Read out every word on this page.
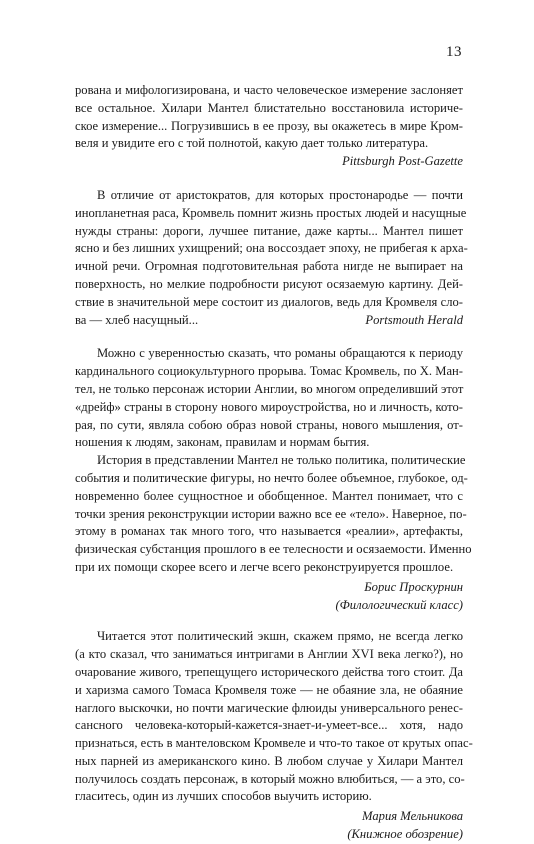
13
рована и мифологизирована, и часто человеческое измерение заслоняет
все остальное. Хилари Мантел блистательно восстановила историче-
ское измерение... Погрузившись в ее прозу, вы окажетесь в мире Кром-
веля и увидите его с той полнотой, какую дает только литература.
Pittsburgh Post-Gazette
В отличие от аристократов, для которых простонародье — почти
инопланетная раса, Кромвель помнит жизнь простых людей и насущные
нужды страны: дороги, лучшее питание, даже карты... Мантел пишет
ясно и без лишних ухищрений; она воссоздает эпоху, не прибегая к арха-
ичной речи. Огромная подготовительная работа нигде не выпирает на
поверхность, но мелкие подробности рисуют осязаемую картину. Дей-
ствие в значительной мере состоит из диалогов, ведь для Кромвеля сло-
ва — хлеб насущный...	Portsmouth Herald
Можно с уверенностью сказать, что романы обращаются к периоду
кардинального социокультурного прорыва. Томас Кромвель, по Х. Ман-
тел, не только персонаж истории Англии, во многом определивший этот
«дрейф» страны в сторону нового мироустройства, но и личность, кото-
рая, по сути, являла собою образ новой страны, нового мышления, от-
ношения к людям, законам, правилам и нормам бытия.
История в представлении Мантел не только политика, политические
события и политические фигуры, но нечто более объемное, глубокое, од-
новременно более сущностное и обобщенное. Мантел понимает, что с
точки зрения реконструкции истории важно все ее «тело». Наверное, по-
этому в романах так много того, что называется «реалии», артефакты,
физическая субстанция прошлого в ее телесности и осязаемости. Именно
при их помощи скорее всего и легче всего реконструируется прошлое.
Борис Проскурнин
(Филологический класс)
Читается этот политический экшн, скажем прямо, не всегда легко
(а кто сказал, что заниматься интригами в Англии XVI века легко?), но
очарование живого, трепещущего исторического действа того стоит. Да
и харизма самого Томаса Кромвеля тоже — не обаяние зла, не обаяние
наглого выскочки, но почти магические флюиды универсального ренес-
сансного человека-который-кажется-знает-и-умеет-все... хотя, надо
признаться, есть в мантеловском Кромвеле и что-то такое от крутых опас-
ных парней из американского кино. В любом случае у Хилари Мантел
получилось создать персонаж, в который можно влюбиться, — а это, со-
гласитесь, один из лучших способов выучить историю.
Мария Мельникова
(Книжное обозрение)
